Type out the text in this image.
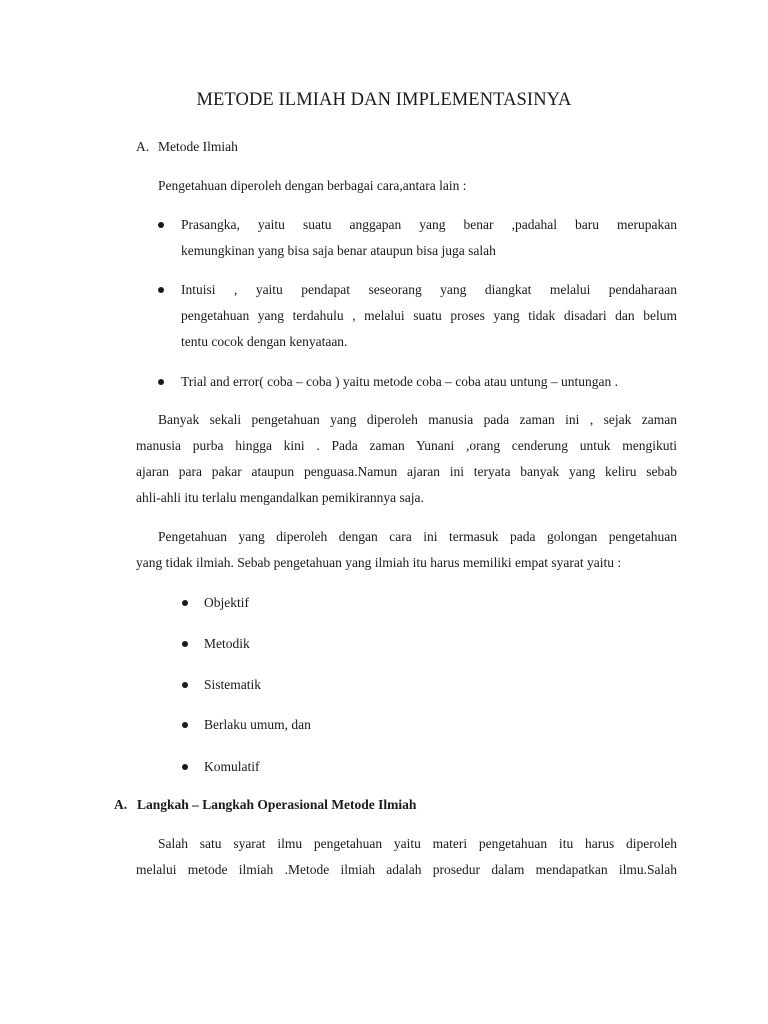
METODE ILMIAH DAN IMPLEMENTASINYA
A. Metode Ilmiah
Pengetahuan diperoleh dengan berbagai cara,antara lain :
Prasangka, yaitu suatu anggapan yang benar ,padahal baru merupakan
kemungkinan yang bisa saja benar ataupun bisa juga salah
Intuisi , yaitu pendapat seseorang yang diangkat melalui pendaharaan
pengetahuan yang terdahulu , melalui suatu proses yang tidak disadari dan belum
tentu cocok dengan kenyataan.
Trial and error( coba – coba ) yaitu metode coba – coba atau untung – untungan .
Banyak sekali pengetahuan yang diperoleh manusia pada zaman ini , sejak zaman
manusia purba hingga kini . Pada zaman Yunani ,orang cenderung untuk mengikuti
ajaran para pakar ataupun penguasa.Namun ajaran ini teryata banyak yang keliru sebab
ahli-ahli itu terlalu mengandalkan pemikirannya saja.
Pengetahuan yang diperoleh dengan cara ini termasuk pada golongan pengetahuan
yang tidak ilmiah. Sebab pengetahuan yang ilmiah itu harus memiliki empat syarat yaitu :
Objektif
Metodik
Sistematik
Berlaku umum, dan
Komulatif
A. Langkah – Langkah Operasional Metode Ilmiah
Salah satu syarat ilmu pengetahuan yaitu materi pengetahuan itu harus diperoleh
melalui metode ilmiah .Metode ilmiah adalah prosedur dalam mendapatkan ilmu.Salah
